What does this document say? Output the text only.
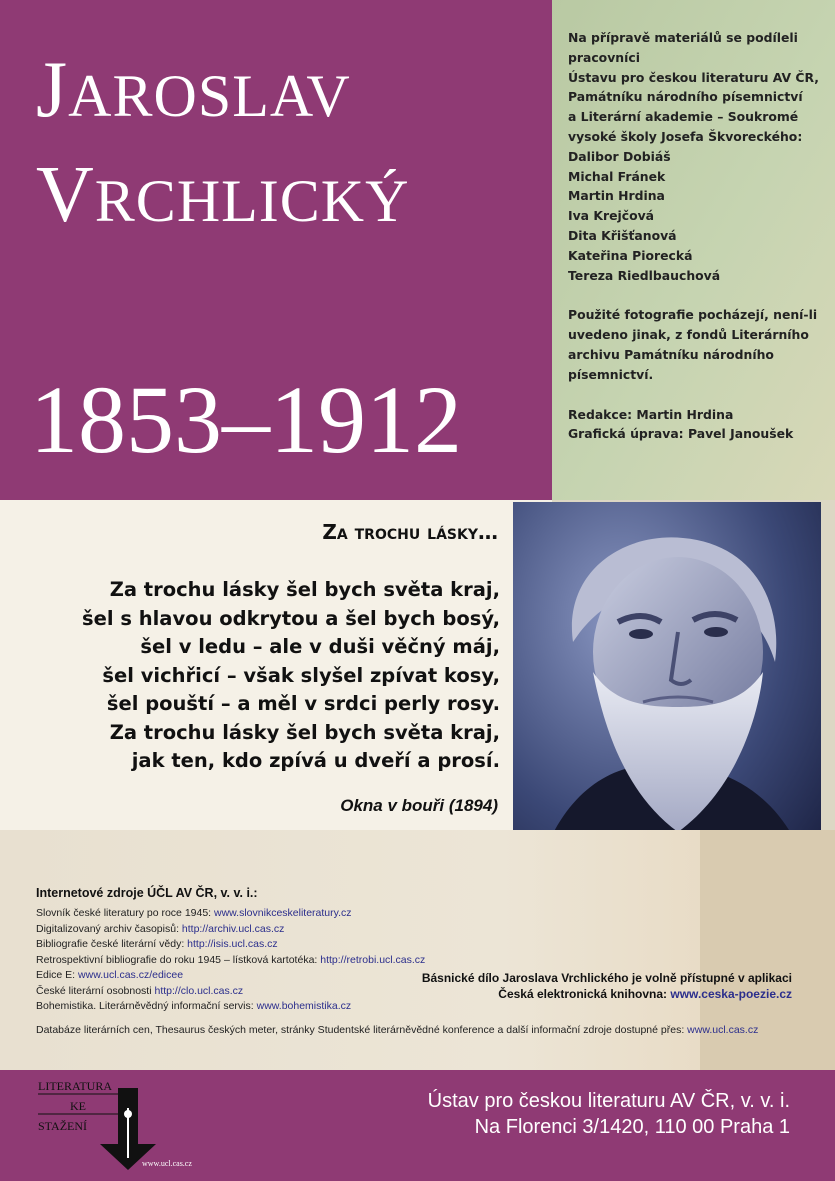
JAROSLAV
VRCHLICKÝ
1853–1912

Na přípravě materiálů se podíleli

pracovníci

Ústavu pro českou literaturu AV ČR,

Památníku národního písemnictví

a Literární akademie – Soukromé

vysoké školy Josefa Škvoreckého:

Dalibor Dobiáš

Michal Fránek

Martin Hrdina

Iva Krejčová

Dita Křišťanová

Kateřina Piorecká

Tereza Riedlbauchová

Použité fotografie pocházejí, není-li

uvedeno jinak, z fondů Literárního

archivu Památníku národního

písemnictví.

Redakce: Martin Hrdina

Grafická úprava: Pavel Janoušek

Za trochu lásky…
Za trochu lásky šel bych světa kraj,
šel s hlavou odkrytou a šel bych bosý,
šel v ledu – ale v duši věčný máj,
šel vichřicí – však slyšel zpívat kosy,
šel pouští – a měl v srdci perly rosy.
Za trochu lásky šel bych světa kraj,
jak ten, kdo zpívá u dveří a prosí.
Okna v bouři (1894)
Internetové zdroje ÚČL AV ČR, v. v. i.:
Slovník české literatury po roce 1945: www.slovnikceskeliteratury.cz
Digitalizovaný archiv časopisů: http://archiv.ucl.cas.cz
Bibliografie české literární vědy: http://isis.ucl.cas.cz
Retrospektivní bibliografie do roku 1945 – lístková kartotéka: http://retrobi.ucl.cas.cz
Edice E: www.ucl.cas.cz/edicee
České literární osobnosti http://clo.ucl.cas.cz
Bohemistika. Literárněvědný informační servis: www.bohemistika.cz
Básnické dílo Jaroslava Vrchlického je volně přístupné v aplikaci
Česká elektronická knihovna: www.ceska-poezie.cz
Databáze literárních cen, Thesaurus českých meter, stránky Studentské literárněvědné konference a další informační zdroje dostupné přes: www.ucl.cas.cz
LITERATURA
KE
STAŽENÍ
www.ucl.cas.cz
Ústav pro českou literaturu AV ČR, v. v. i.
Na Florenci 3/1420, 110 00 Praha 1
